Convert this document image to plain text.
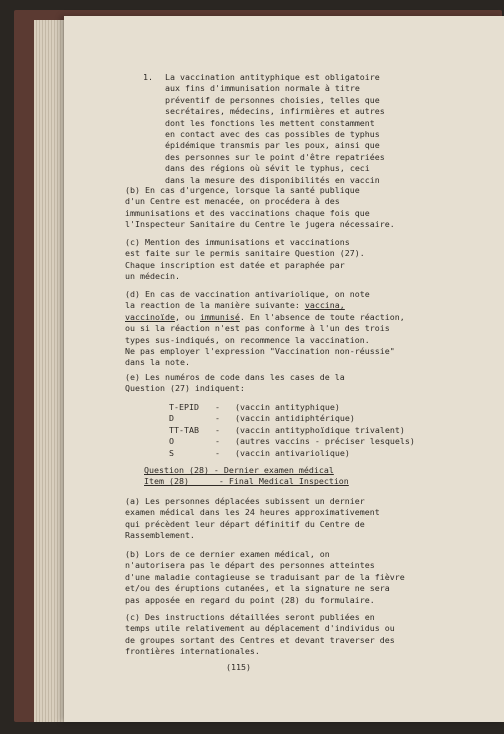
1. La vaccination antityphique est obligatoire
aux fins d'immunisation normale à titre
préventif de personnes choisies, telles que
secrétaires, médecins, infirmières et autres
dont les fonctions les mettent constamment
en contact avec des cas possibles de typhus
épidémique transmis par les poux, ainsi que
des personnes sur le point d'être repatriées
dans des régions où sévit le typhus, ceci
dans la mesure des disponibilités en vaccin
(b) En cas d'urgence, lorsque la santé publique
d'un Centre est menacée, on procédera à des
immunisations et des vaccinations chaque fois que
l'Inspecteur Sanitaire du Centre le jugera nécessaire.
(c) Mention des immunisations et vaccinations
est faite sur le permis sanitaire Question (27).
Chaque inscription est datée et paraphée par
un médecin.
(d) En cas de vaccination antivariolique, on note
la reaction de la manière suivante: vaccina,
vaccinoïde, ou immunisé. En l'absence de toute réaction,
ou si la réaction n'est pas conforme à l'un des trois
types sus-indiqués, on recommence la vaccination.
Ne pas employer l'expression "Vaccination non-réussie"
dans la note.
(e) Les numéros de code dans les cases de la
Question (27) indiquent:
T-EPID - (vaccin antityphique)
D	- (vaccin antidiphtérique)
TT-TAB - (vaccin antityphoïdique trivalent)
O	- (autres vaccins - préciser lesquels)
S	- (vaccin antivariolique)
Question (28) - Dernier examen médical
Item (28)      - Final Medical Inspection
(a) Les personnes déplacées subissent un dernier
examen médical dans les 24 heures approximativement
qui précèdent leur départ définitif du Centre de
Rassemblement.
(b) Lors de ce dernier examen médical, on
n'autorisera pas le départ des personnes atteintes
d'une maladie contagieuse se traduisant par de la fièvre
et/ou des éruptions cutanées, et la signature ne sera
pas apposée en regard du point (28) du formulaire.
(c) Des instructions détaillées seront publiées en
temps utile relativement au déplacement d'individus ou
de groupes sortant des Centres et devant traverser des
frontières internationales.
(115)
